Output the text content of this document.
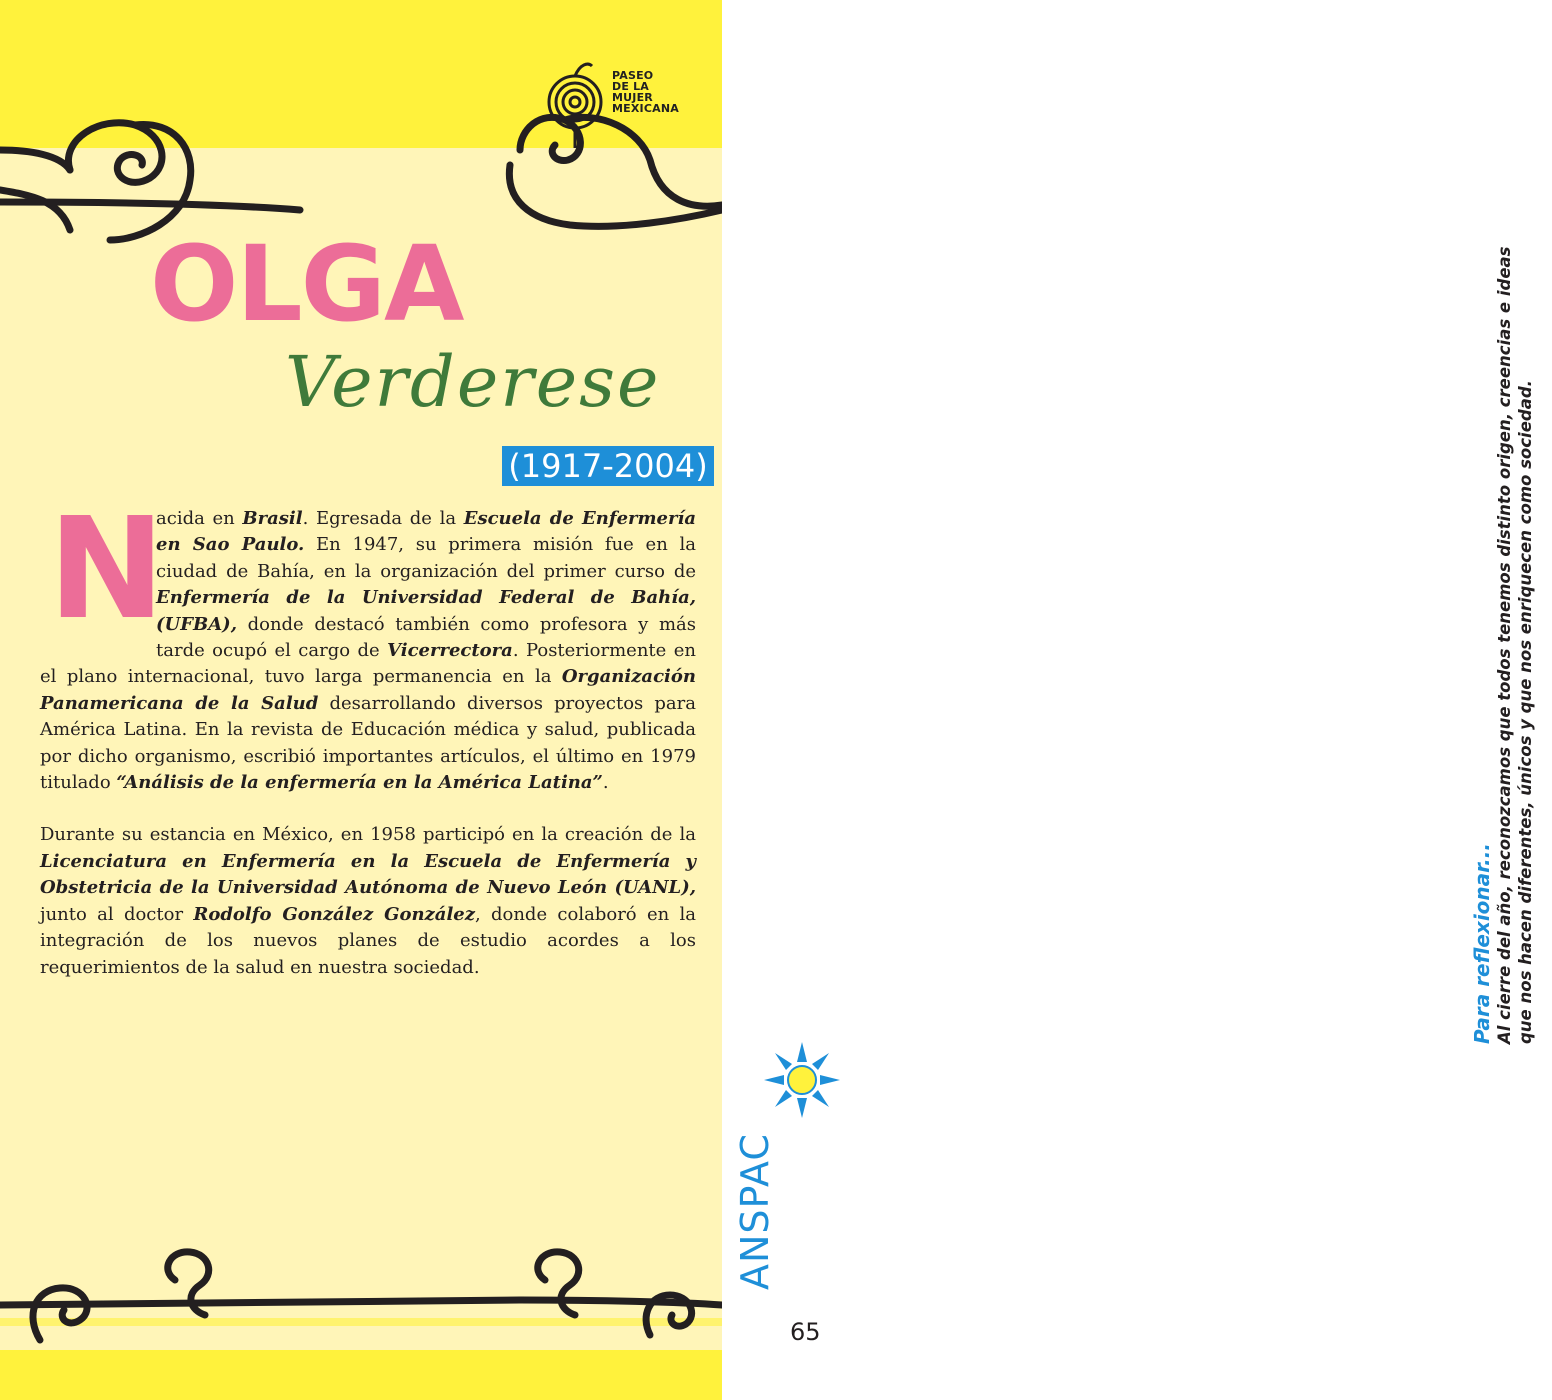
PASEO
DE LA
MUJER
MEXICANA
OLGA
Verderese
(1917-2004)
N

acida en Brasil. Egresada de la Escuela de Enfermería en Sao Paulo. En 1947, su primera misión fue en la ciudad de Bahía, en la organización del primer curso de Enfermería de la Universidad Federal de Bahía, (UFBA), donde destacó también como profesora y más tarde ocupó el cargo de Vicerrectora. Posteriormente en el plano internacional, tuvo larga permanencia en la Organización Panamericana de la Salud desarrollando diversos proyectos para América Latina. En la revista de Educación médica y salud, publicada por dicho organismo, escribió importantes artículos, el último en 1979 titulado “Análisis de la enfermería en la América Latina”.

Durante su estancia en México, en 1958 participó en la creación de la Licenciatura en Enfermería en la Escuela de Enfermería y Obstetricia de la Universidad Autónoma de Nuevo León (UANL), junto al doctor Rodolfo González González, donde colaboró en la integración de los nuevos planes de estudio acordes a los requerimientos de la salud en nuestra sociedad.	Para reflexionar... Al cierre del año, reconozcamos que todos tenemos distinto origen, creencias e ideas que nos hacen diferentes, únicos y que nos enriquecen como sociedad.

ANSPAC
65
